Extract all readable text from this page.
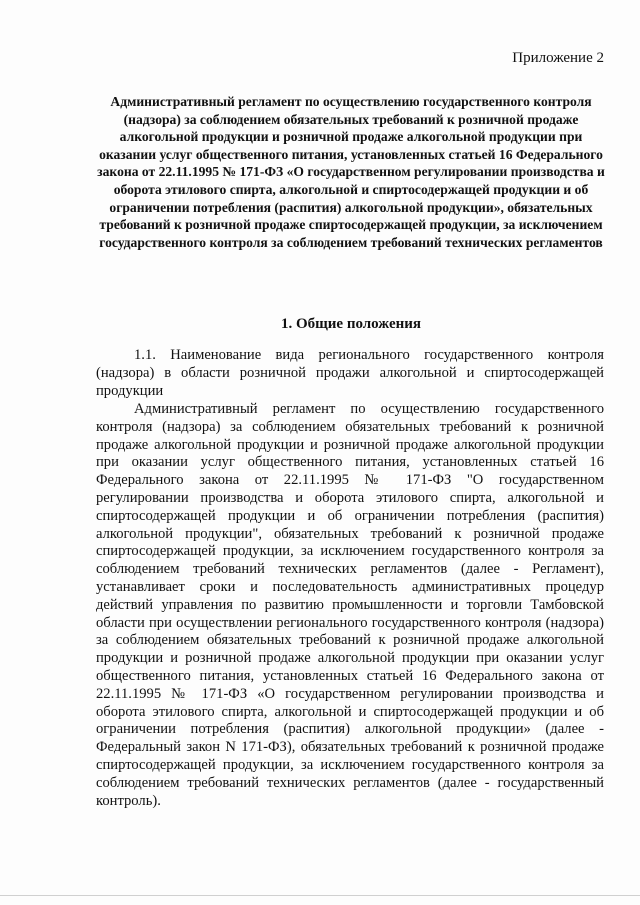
Приложение 2
Административный регламент по осуществлению государственного контроля (надзора) за соблюдением обязательных требований к розничной продаже алкогольной продукции и розничной продаже алкогольной продукции при оказании услуг общественного питания, установленных статьей 16 Федерального закона от 22.11.1995 № 171-ФЗ «О государственном регулировании производства и оборота этилового спирта, алкогольной и спиртосодержащей продукции и об ограничении потребления (распития) алкогольной продукции», обязательных требований к розничной продаже спиртосодержащей продукции, за исключением государственного контроля за соблюдением требований технических регламентов
1. Общие положения

1.1. Наименование вида регионального государственного контроля (надзора) в области розничной продажи алкогольной и спиртосодержащей продукции

Административный регламент по осуществлению государственного контроля (надзора) за соблюдением обязательных требований к розничной продаже алкогольной продукции и розничной продаже алкогольной продукции при оказании услуг общественного питания, установленных статьей 16 Федерального закона от 22.11.1995 № 171-ФЗ "О государственном регулировании производства и оборота этилового спирта, алкогольной и спиртосодержащей продукции и об ограничении потребления (распития) алкогольной продукции", обязательных требований к розничной продаже спиртосодержащей продукции, за исключением государственного контроля за соблюдением требований технических регламентов (далее - Регламент), устанавливает сроки и последовательность административных процедур действий управления по развитию промышленности и торговли Тамбовской области при осуществлении регионального государственного контроля (надзора) за соблюдением обязательных требований к розничной продаже алкогольной продукции и розничной продаже алкогольной продукции при оказании услуг общественного питания, установленных статьей 16 Федерального закона от 22.11.1995 № 171-ФЗ «О государственном регулировании производства и оборота этилового спирта, алкогольной и спиртосодержащей продукции и об ограничении потребления (распития) алкогольной продукции» (далее - Федеральный закон N 171-ФЗ), обязательных требований к розничной продаже спиртосодержащей продукции, за исключением государственного контроля за соблюдением требований технических регламентов (далее - государственный контроль).
